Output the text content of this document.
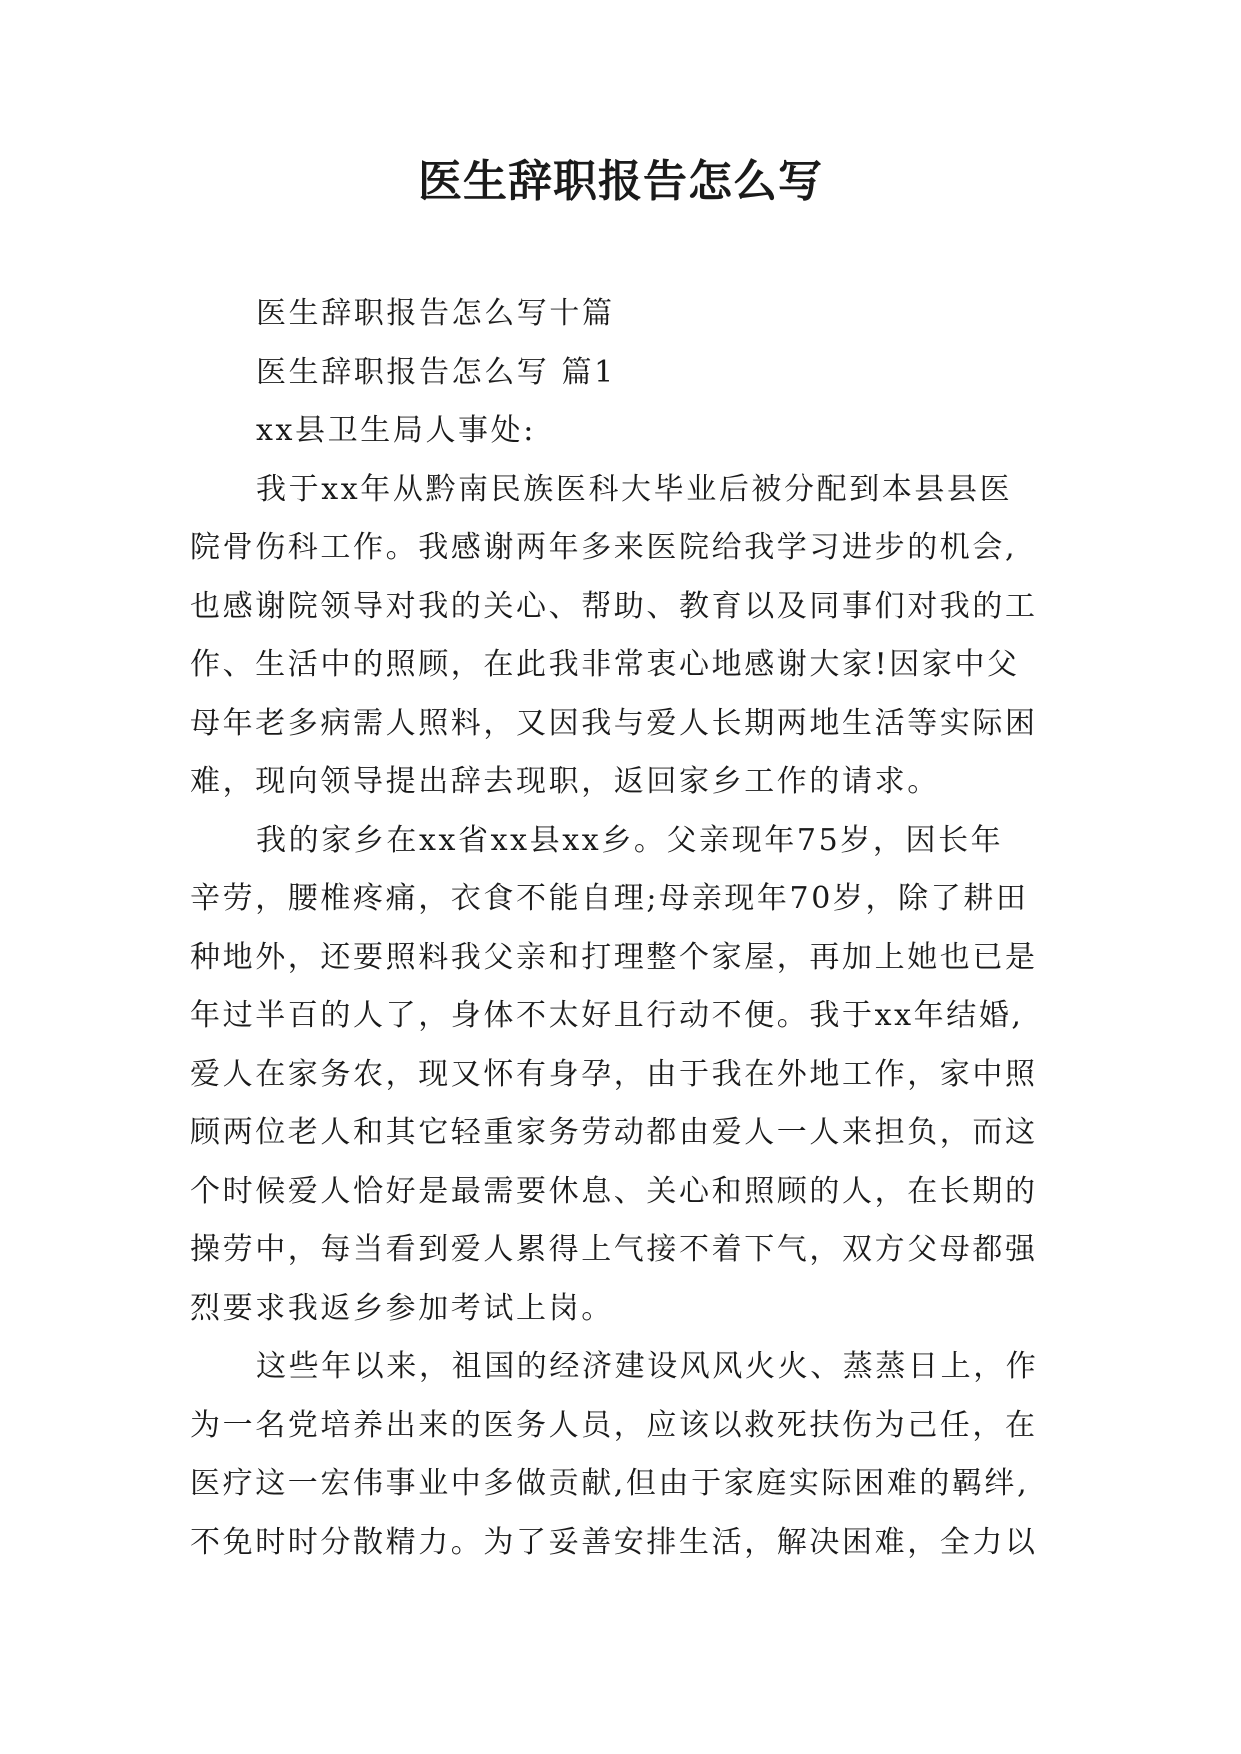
医生辞职报告怎么写

医生辞职报告怎么写十篇

医生辞职报告怎么写 篇1

xx县卫生局人事处:

我于xx年从黔南民族医科大毕业后被分配到本县县医

院骨伤科工作。我感谢两年多来医院给我学习进步的机会,

也感谢院领导对我的关心、帮助、教育以及同事们对我的工

作、生活中的照顾，在此我非常衷心地感谢大家!因家中父

母年老多病需人照料，又因我与爱人长期两地生活等实际困

难，现向领导提出辞去现职，返回家乡工作的请求。

我的家乡在xx省xx县xx乡。父亲现年75岁，因长年

辛劳，腰椎疼痛，衣食不能自理;母亲现年70岁，除了耕田

种地外，还要照料我父亲和打理整个家屋，再加上她也已是

年过半百的人了，身体不太好且行动不便。我于xx年结婚,

爱人在家务农，现又怀有身孕，由于我在外地工作，家中照

顾两位老人和其它轻重家务劳动都由爱人一人来担负，而这

个时候爱人恰好是最需要休息、关心和照顾的人，在长期的

操劳中，每当看到爱人累得上气接不着下气，双方父母都强

烈要求我返乡参加考试上岗。

这些年以来，祖国的经济建设风风火火、蒸蒸日上，作

为一名党培养出来的医务人员，应该以救死扶伤为己任，在

医疗这一宏伟事业中多做贡献,但由于家庭实际困难的羁绊,

不免时时分散精力。为了妥善安排生活，解决困难，全力以
